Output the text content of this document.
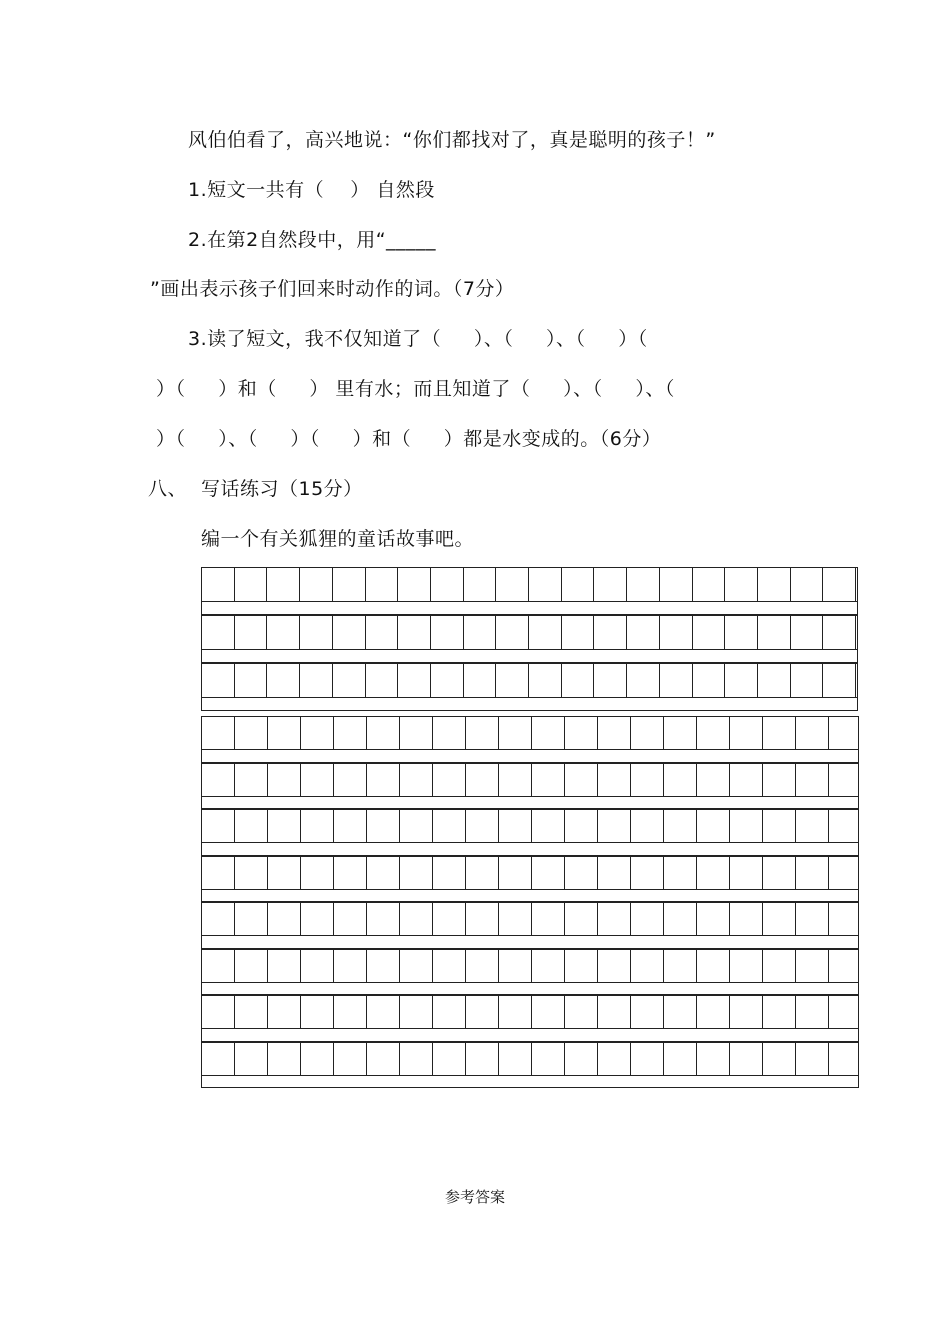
风伯伯看了，高兴地说：“你们都找对了，真是聪明的孩子！”
1.短文一共有（    ） 自然段
2.在第2自然段中，用“_____
”画出表示孩子们回来时动作的词。（7分）
3.读了短文，我不仅知道了（     ）、（     ）、（     ）（
）（     ）和（     ） 里有水；而且知道了（     ）、（     ）、（
）（     ）、（     ）（     ）和（     ）都是水变成的。（6分）
八、 写话练习（15分）
编一个有关狐狸的童话故事吧。
参考答案
